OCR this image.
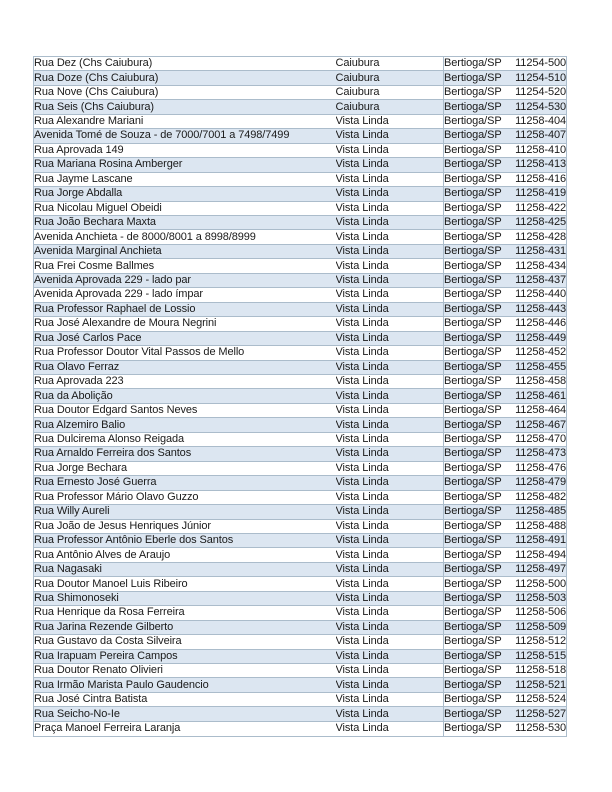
Rua Dez (Chs Caiubura)	Caiubura	Bertioga/SP	11254-500
Rua Doze (Chs Caiubura)	Caiubura	Bertioga/SP	11254-510
Rua Nove (Chs Caiubura)	Caiubura	Bertioga/SP	11254-520
Rua Seis (Chs Caiubura)	Caiubura	Bertioga/SP	11254-530
Rua Alexandre Mariani	Vista Linda	Bertioga/SP	11258-404
Avenida Tomé de Souza - de 7000/7001 a 7498/7499	Vista Linda	Bertioga/SP	11258-407
Rua Aprovada 149	Vista Linda	Bertioga/SP	11258-410
Rua Mariana Rosina Amberger	Vista Linda	Bertioga/SP	11258-413
Rua Jayme Lascane	Vista Linda	Bertioga/SP	11258-416
Rua Jorge Abdalla	Vista Linda	Bertioga/SP	11258-419
Rua Nicolau Miguel Obeidi	Vista Linda	Bertioga/SP	11258-422
Rua João Bechara Maxta	Vista Linda	Bertioga/SP	11258-425
Avenida Anchieta - de 8000/8001 a 8998/8999	Vista Linda	Bertioga/SP	11258-428
Avenida Marginal Anchieta	Vista Linda	Bertioga/SP	11258-431
Rua Frei Cosme Ballmes	Vista Linda	Bertioga/SP	11258-434
Avenida Aprovada 229 - lado par	Vista Linda	Bertioga/SP	11258-437
Avenida Aprovada 229 - lado ímpar	Vista Linda	Bertioga/SP	11258-440
Rua Professor Raphael de Lossio	Vista Linda	Bertioga/SP	11258-443
Rua José Alexandre de Moura Negrini	Vista Linda	Bertioga/SP	11258-446
Rua José Carlos Pace	Vista Linda	Bertioga/SP	11258-449
Rua Professor Doutor Vital Passos de Mello	Vista Linda	Bertioga/SP	11258-452
Rua Olavo Ferraz	Vista Linda	Bertioga/SP	11258-455
Rua Aprovada 223	Vista Linda	Bertioga/SP	11258-458
Rua da Abolição	Vista Linda	Bertioga/SP	11258-461
Rua Doutor Edgard Santos Neves	Vista Linda	Bertioga/SP	11258-464
Rua Alzemiro Balio	Vista Linda	Bertioga/SP	11258-467
Rua Dulcirema Alonso Reigada	Vista Linda	Bertioga/SP	11258-470
Rua Arnaldo Ferreira dos Santos	Vista Linda	Bertioga/SP	11258-473
Rua Jorge Bechara	Vista Linda	Bertioga/SP	11258-476
Rua Ernesto José Guerra	Vista Linda	Bertioga/SP	11258-479
Rua Professor Mário Olavo Guzzo	Vista Linda	Bertioga/SP	11258-482
Rua Willy Aureli	Vista Linda	Bertioga/SP	11258-485
Rua João de Jesus Henriques Júnior	Vista Linda	Bertioga/SP	11258-488
Rua Professor Antônio Eberle dos Santos	Vista Linda	Bertioga/SP	11258-491
Rua Antônio Alves de Araujo	Vista Linda	Bertioga/SP	11258-494
Rua Nagasaki	Vista Linda	Bertioga/SP	11258-497
Rua Doutor Manoel Luis Ribeiro	Vista Linda	Bertioga/SP	11258-500
Rua Shimonoseki	Vista Linda	Bertioga/SP	11258-503
Rua Henrique da Rosa Ferreira	Vista Linda	Bertioga/SP	11258-506
Rua Jarina Rezende Gilberto	Vista Linda	Bertioga/SP	11258-509
Rua Gustavo da Costa Silveira	Vista Linda	Bertioga/SP	11258-512
Rua Irapuam Pereira Campos	Vista Linda	Bertioga/SP	11258-515
Rua Doutor Renato Olivieri	Vista Linda	Bertioga/SP	11258-518
Rua Irmão Marista Paulo Gaudencio	Vista Linda	Bertioga/SP	11258-521
Rua José Cintra Batista	Vista Linda	Bertioga/SP	11258-524
Rua Seicho-No-Ie	Vista Linda	Bertioga/SP	11258-527
Praça Manoel Ferreira Laranja	Vista Linda	Bertioga/SP	11258-530
